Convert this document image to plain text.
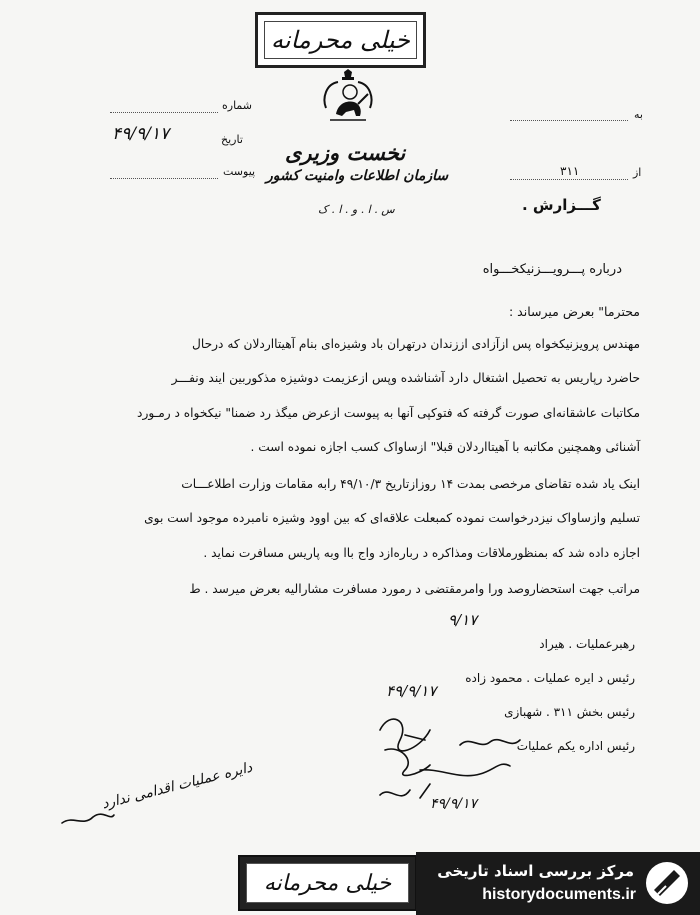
خیلی محرمانه
نخست وزیری
سازمان اطلاعات وامنیت کشور
س . ا . و . ا . ک
شماره
تاریخ
۴۹/۹/۱۷
پیوست
به
از
۳۱۱
گـــزارش .
دربار‌ه پـــرویـــزنیکخـــواه
محترما" بعرض میرساند :
مهندس پرویزنیکخواه پس ازآزادی اززندان درتهران باد وشیزه‌ای بنام آهیتااردلان که درحال
حاضرد رپاریس به تحصیل اشتغال دارد آشناشده وپس ازعزیمت دوشیزه مذکوربین ایند ونفـــر
مکاتبات عاشقانه‌ای صورت گرفته که فتوکپی آنها به پیوست ازعرض میگذ رد ضمنا" نیکخواه د رمـورد
آشنائی وهمچنین مکاتبه با آهیتااردلان قبلا" ازساواک کسب اجازه نموده است .
اینک یاد شده تقاضای مرخصی بمدت ۱۴ روزازتاریخ ۴۹/۱۰/۳ رابه مقامات وزارت اطلاعـــات
تسلیم وازساواک نیزدرخواست نموده کمبعلت علاقه‌ای که بین اوود وشیزه نامبرده موجود است بوی
اجازه داده شد که بمنظورملاقات ومذاکره د رباره‌ازد واج باا وبه پاریس مسافرت نماید .
مراتب جهت استحضاروصد ورا وامرمقتضی د رمورد مسافرت مشارالیه بعرض میرسد . ط
رهبرعملیات . هیراد
رئیس د ایره عملیات . محمود زاده
رئیس بخش ۳۱۱ . شهبازی
رئیس اداره یکم عملیات
۹/۱۷
۴۹/۹/۱۷
دایره عملیات اقدامی ندارد	۴۹/۹/۱۷
خیلی محرمانه	مرکز بررسی اسناد تاریخی
historydocuments.ir
